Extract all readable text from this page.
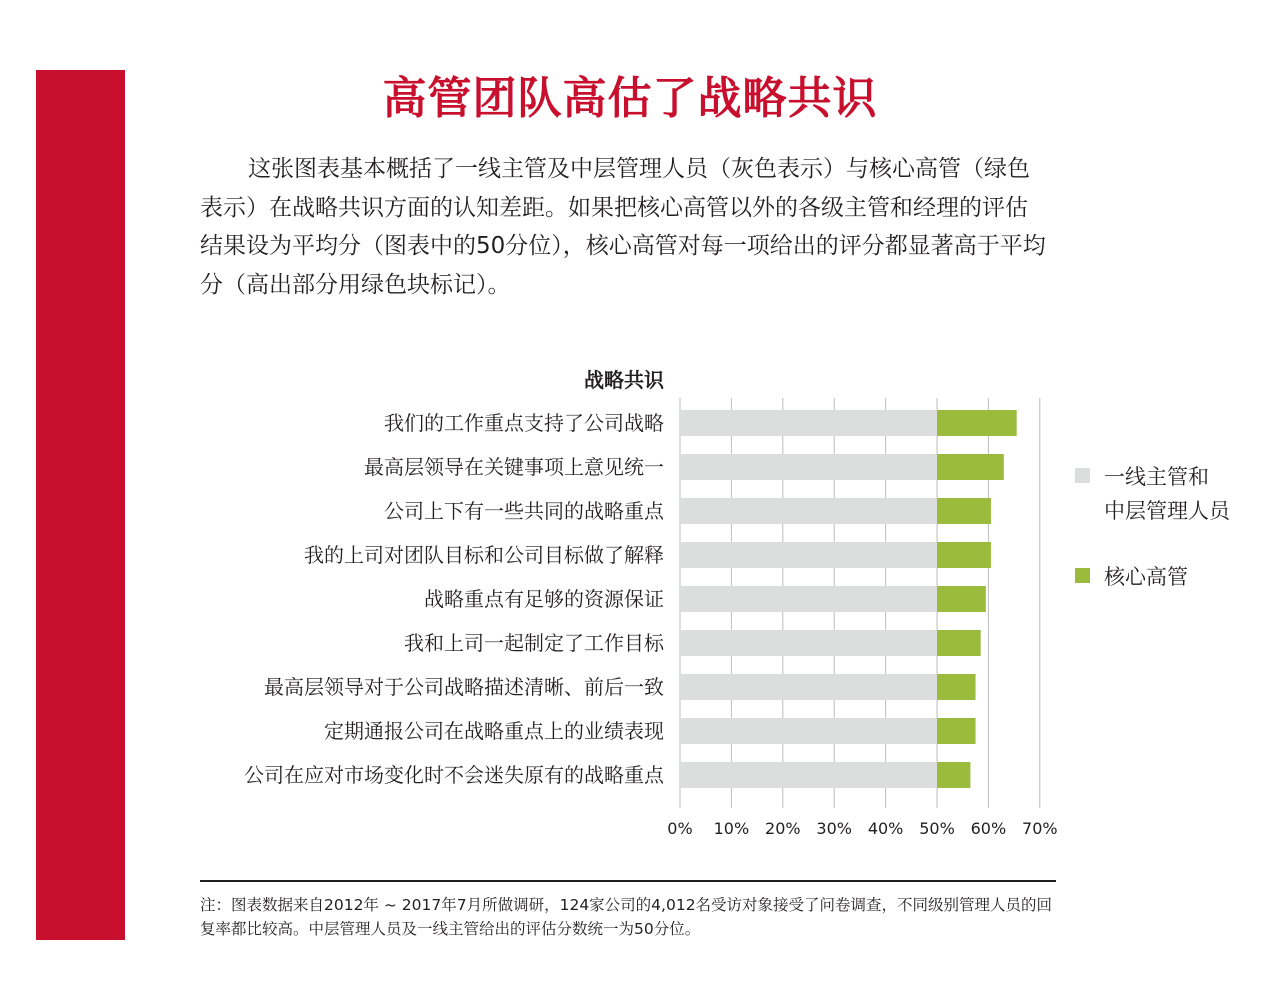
高管团队高估了战略共识

这张图表基本概括了一线主管及中层管理人员（灰色表示）与核心高管（绿色表示）在战略共识方面的认知差距。如果把核心高管以外的各级主管和经理的评估结果设为平均分（图表中的50分位），核心高管对每一项给出的评分都显著高于平均分（高出部分用绿色块标记）。

战略共识
我们的工作重点支持了公司战略
最高层领导在关键事项上意见统一
公司上下有一些共同的战略重点
我的上司对团队目标和公司目标做了解释
战略重点有足够的资源保证
我和上司一起制定了工作目标
最高层领导对于公司战略描述清晰、前后一致
定期通报公司在战略重点上的业绩表现
公司在应对市场变化时不会迷失原有的战略重点
0% 10% 20% 30% 40% 50% 60% 70%
一线主管和
中层管理人员
核心高管

注：图表数据来自2012年 ~ 2017年7月所做调研，124家公司的4,012名受访对象接受了问卷调查，不同级别管理人员的回复率都比较高。中层管理人员及一线主管给出的评估分数统一为50分位。
